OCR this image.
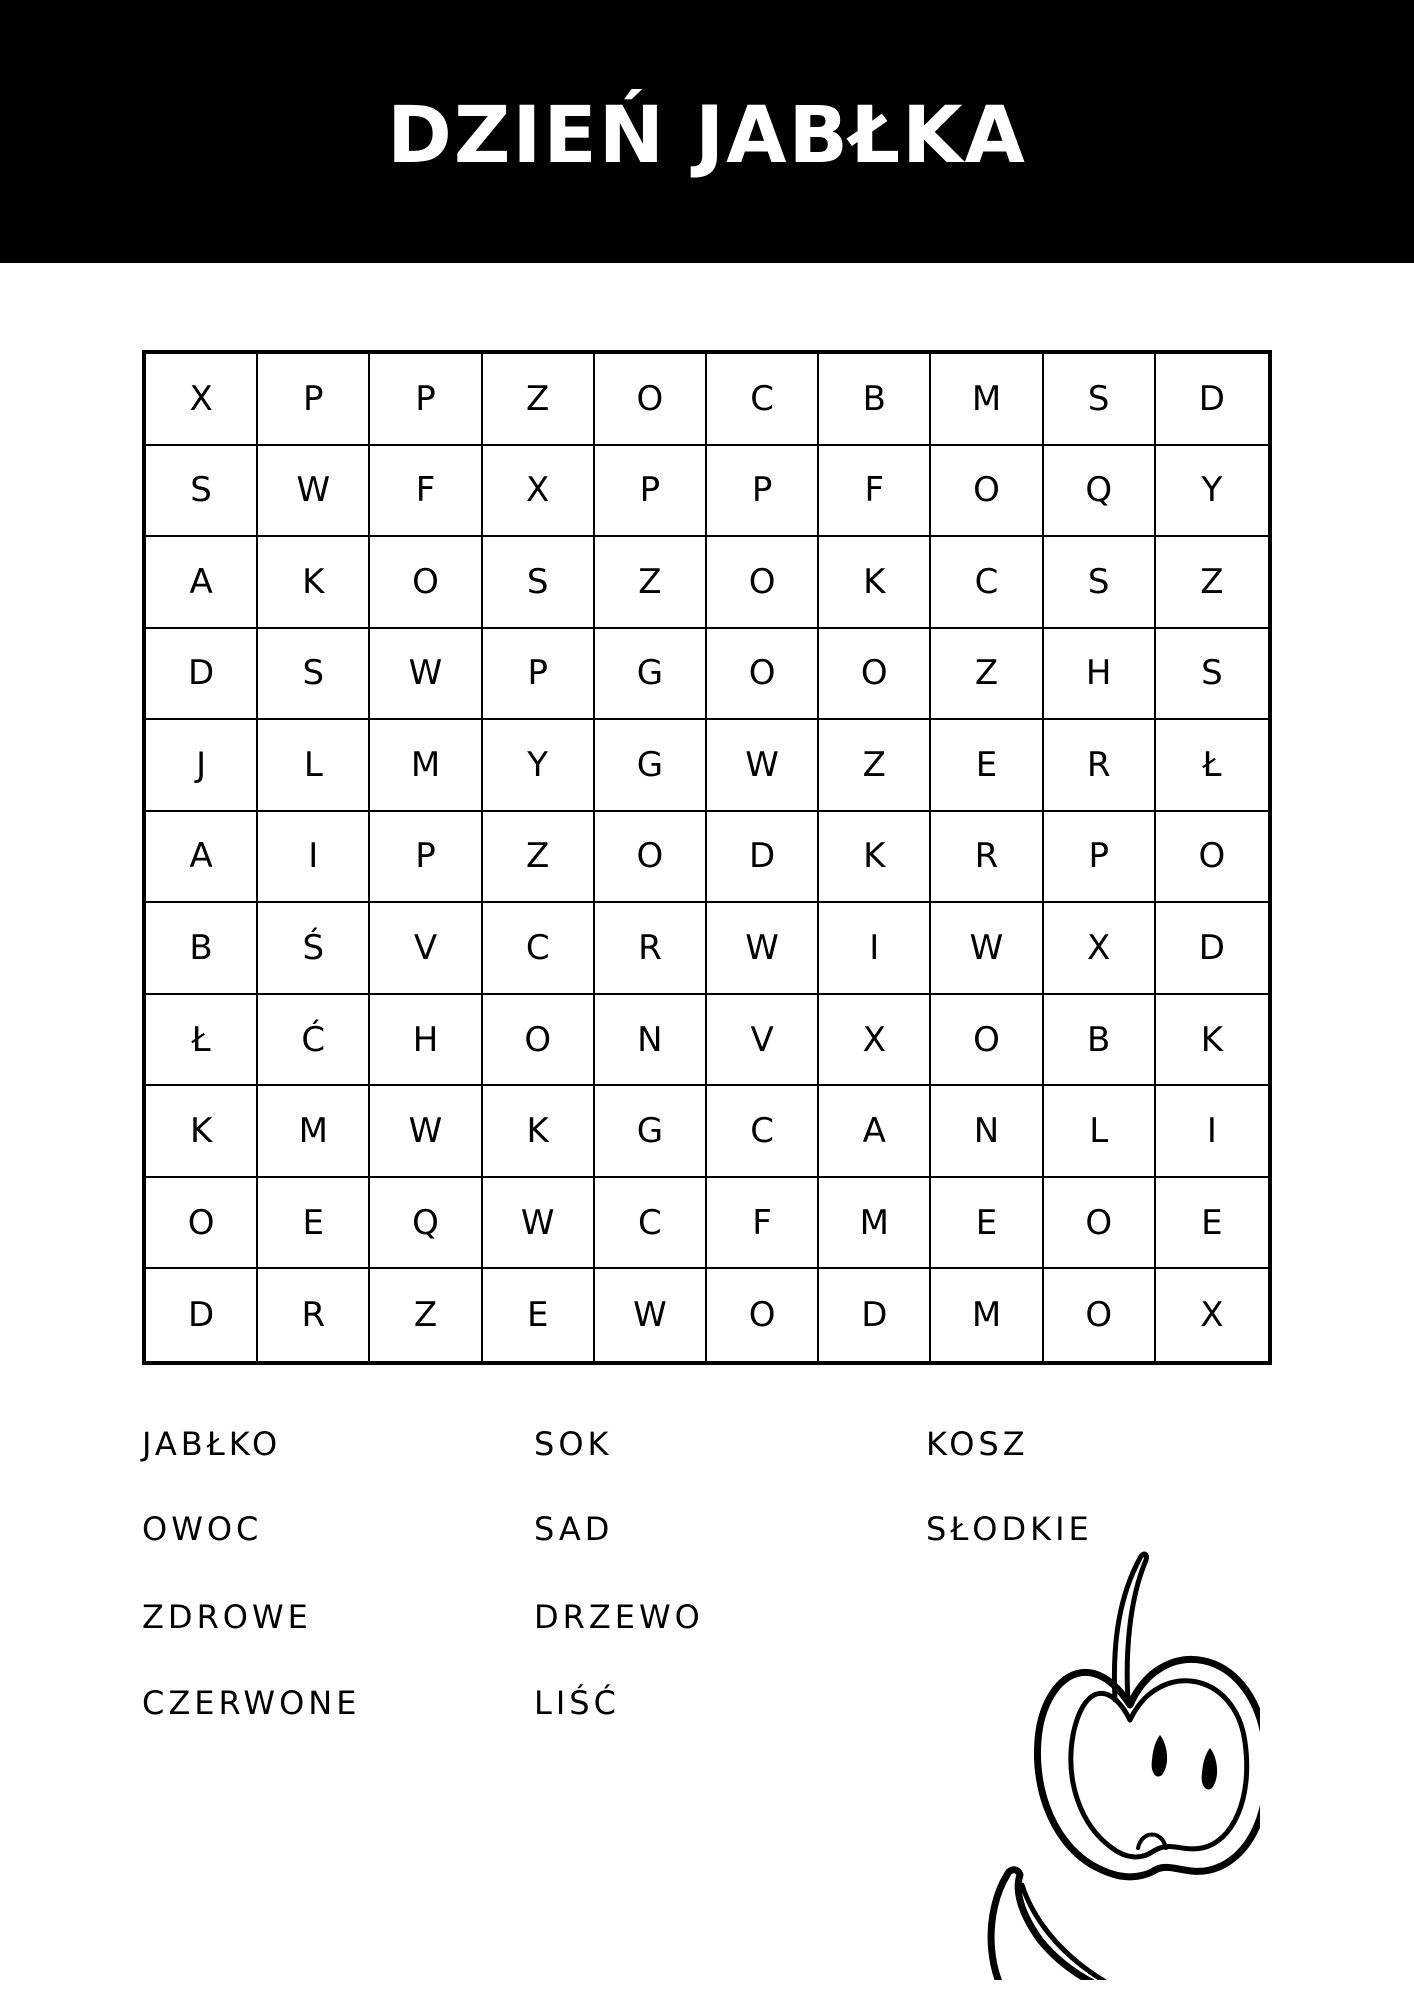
DZIEŃ JABŁKA
X	P	P	Z	O	C	B	M	S	D
S	W	F	X	P	P	F	O	Q	Y
A	K	O	S	Z	O	K	C	S	Z
D	S	W	P	G	O	O	Z	H	S
J	L	M	Y	G	W	Z	E	R	Ł
A	I	P	Z	O	D	K	R	P	O
B	Ś	V	C	R	W	I	W	X	D
Ł	Ć	H	O	N	V	X	O	B	K
K	M	W	K	G	C	A	N	L	I
O	E	Q	W	C	F	M	E	O	E
D	R	Z	E	W	O	D	M	O	X
JABŁKO
OWOC
ZDROWE
CZERWONE
SOK
SAD
DRZEWO
LIŚĆ
KOSZ
SŁODKIE
